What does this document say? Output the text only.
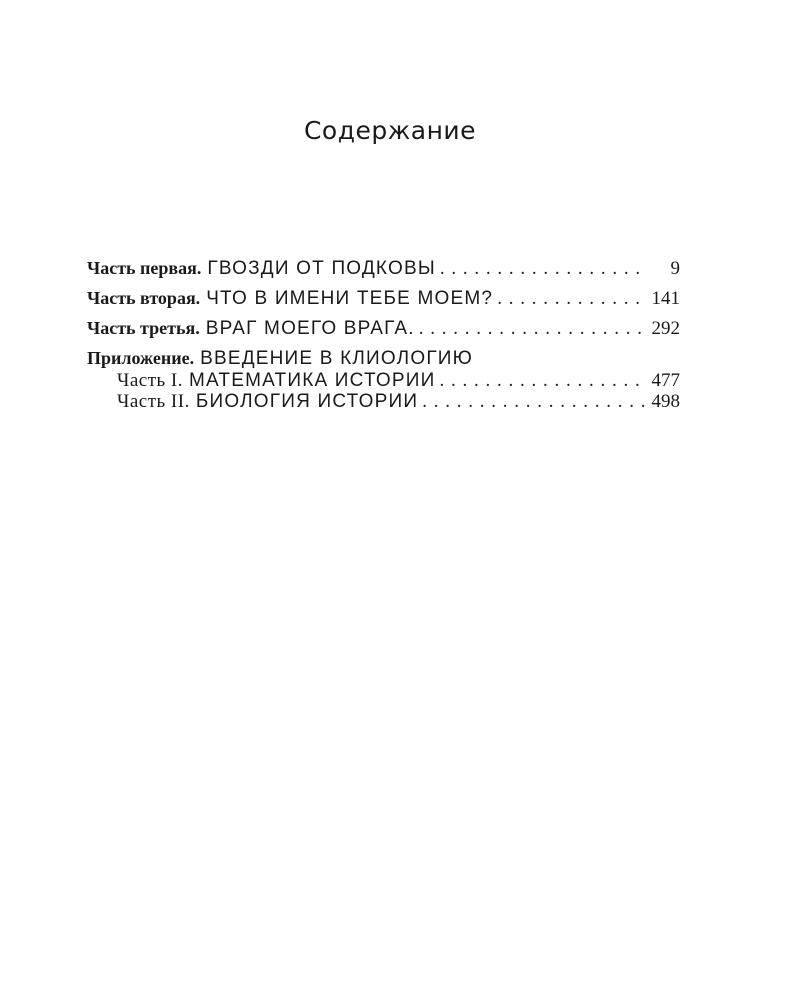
Содержание
Часть первая. ГВОЗДИ ОТ ПОДКОВЫ . . .	9
Часть вторая. ЧТО В ИМЕНИ ТЕБЕ МОЕМ? . . .	141
Часть третья. ВРАГ МОЕГО ВРАГА. . . .	292
Приложение. ВВЕДЕНИЕ В КЛИОЛОГИЮ
Часть I. МАТЕМАТИКА ИСТОРИИ . . .	477
Часть II. БИОЛОГИЯ ИСТОРИИ . . .	498
